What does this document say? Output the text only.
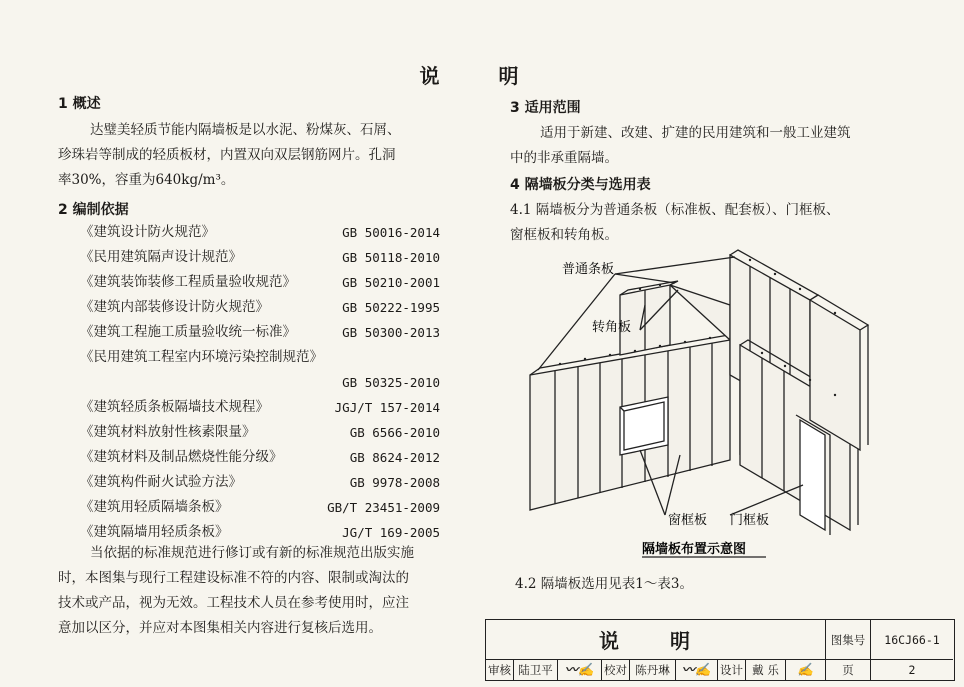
说 明
1 概述
达璧美轻质节能内隔墙板是以水泥、粉煤灰、石屑、
珍珠岩等制成的轻质板材，内置双向双层钢筋网片。孔洞
率30%，容重为640kg/m³。
2 编制依据
《建筑设计防火规范》	GB 50016-2014
《民用建筑隔声设计规范》	GB 50118-2010
《建筑装饰装修工程质量验收规范》	GB 50210-2001
《建筑内部装修设计防火规范》	GB 50222-1995
《建筑工程施工质量验收统一标准》	GB 50300-2013
《民用建筑工程室内环境污染控制规范》
GB 50325-2010
《建筑轻质条板隔墙技术规程》	JGJ/T 157-2014
《建筑材料放射性核素限量》	GB 6566-2010
《建筑材料及制品燃烧性能分级》	GB 8624-2012
《建筑构件耐火试验方法》	GB 9978-2008
《建筑用轻质隔墙条板》	GB/T 23451-2009
《建筑隔墙用轻质条板》	JG/T 169-2005
当依据的标准规范进行修订或有新的标准规范出版实施
时，本图集与现行工程建设标准不符的内容、限制或淘汰的
技术或产品，视为无效。工程技术人员在参考使用时，应注
意加以区分，并应对本图集相关内容进行复核后选用。
3 适用范围
适用于新建、改建、扩建的民用建筑和一般工业建筑
中的非承重隔墙。
4 隔墙板分类与选用表
4.1 隔墙板分为普通条板（标准板、配套板）、门框板、
窗框板和转角板。
普通条板
转角板
窗框板 门框板
隔墙板布置示意图
4.2 隔墙板选用见表1～表3。
说 明	图集号	16CJ66-1
审核 陆卫平 〰✍ 校对 陈丹琳 〰✍ 设计 戴 乐	✍	页	2
